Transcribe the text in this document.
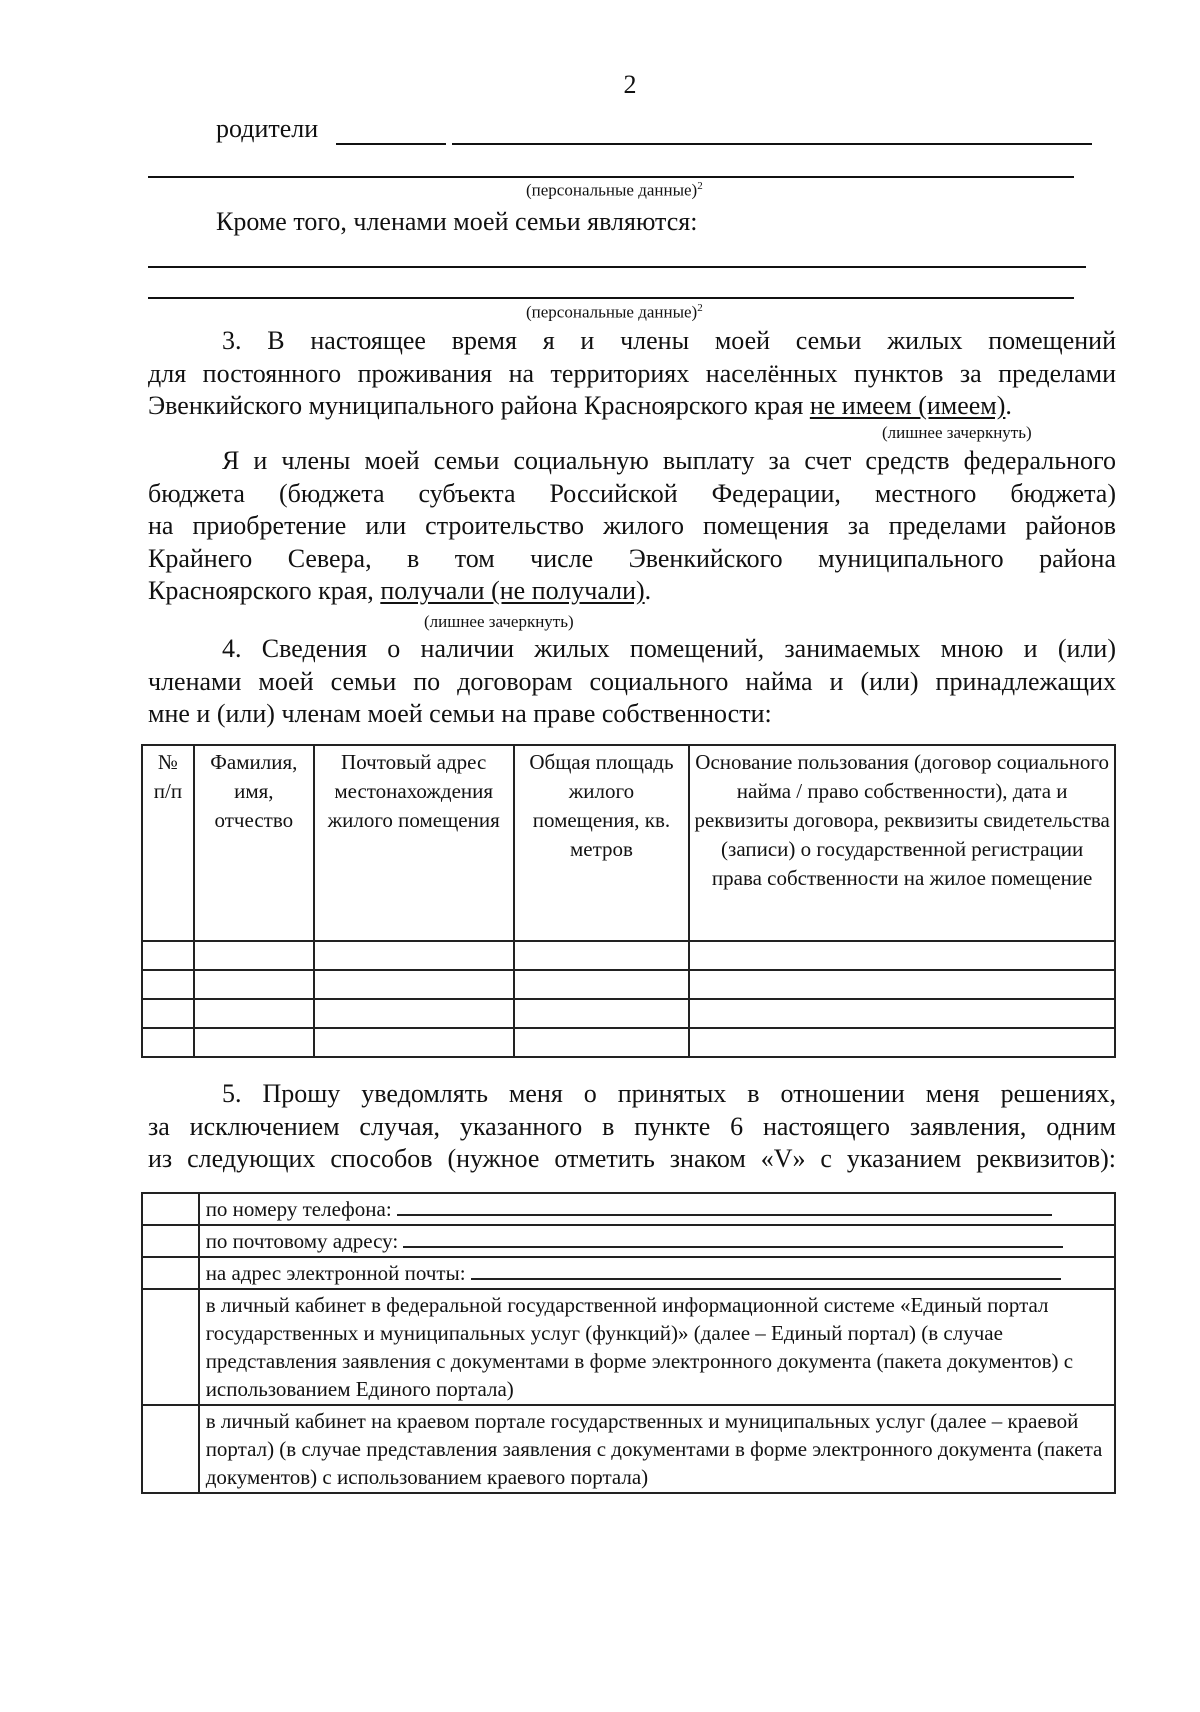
2
родители
(персональные данные)$^2$
Кроме того, членами моей семьи являются:
(персональные данные)$^2$
3. В настоящее время я и члены моей семьи жилых помещений
для постоянного проживания на территориях населённых пунктов за пределами
Эвенкийского муниципального района Красноярского края не имеем (имеем).
(лишнее зачеркнуть)
Я и члены моей семьи социальную выплату за счет средств федерального
бюджета (бюджета субъекта Российской Федерации, местного бюджета)
на приобретение или строительство жилого помещения за пределами районов
Крайнего Севера, в том числе Эвенкийского муниципального района
Красноярского края, получали (не получали).
(лишнее зачеркнуть)
4. Сведения о наличии жилых помещений, занимаемых мною и (или)
членами моей семьи по договорам социального найма и (или) принадлежащих
мне и (или) членам моей семьи на праве собственности:
№ п/п	Фамилия, имя, отчество	Почтовый адрес местонахождения жилого помещения	Общая площадь жилого помещения, кв. метров	Основание пользования (договор социального найма / право собственности), дата и реквизиты договора, реквизиты свидетельства (записи) о государственной регистрации права собственности на жилое помещение

5. Прошу уведомлять меня о принятых в отношении меня решениях,
за исключением случая, указанного в пункте 6 настоящего заявления, одним
из следующих способов (нужное отметить знаком «V» с указанием реквизитов):
	по номеру телефона:
	по почтовому адресу:
	на адрес электронной почты:
	в личный кабинет в федеральной государственной информационной системе «Единый портал государственных и муниципальных услуг (функций)» (далее – Единый портал) (в случае представления заявления с документами в форме электронного документа (пакета документов) с использованием Единого портала)
	в личный кабинет на краевом портале государственных и муниципальных услуг (далее – краевой портал) (в случае представления заявления с документами в форме электронного документа (пакета документов) с использованием краевого портала)
